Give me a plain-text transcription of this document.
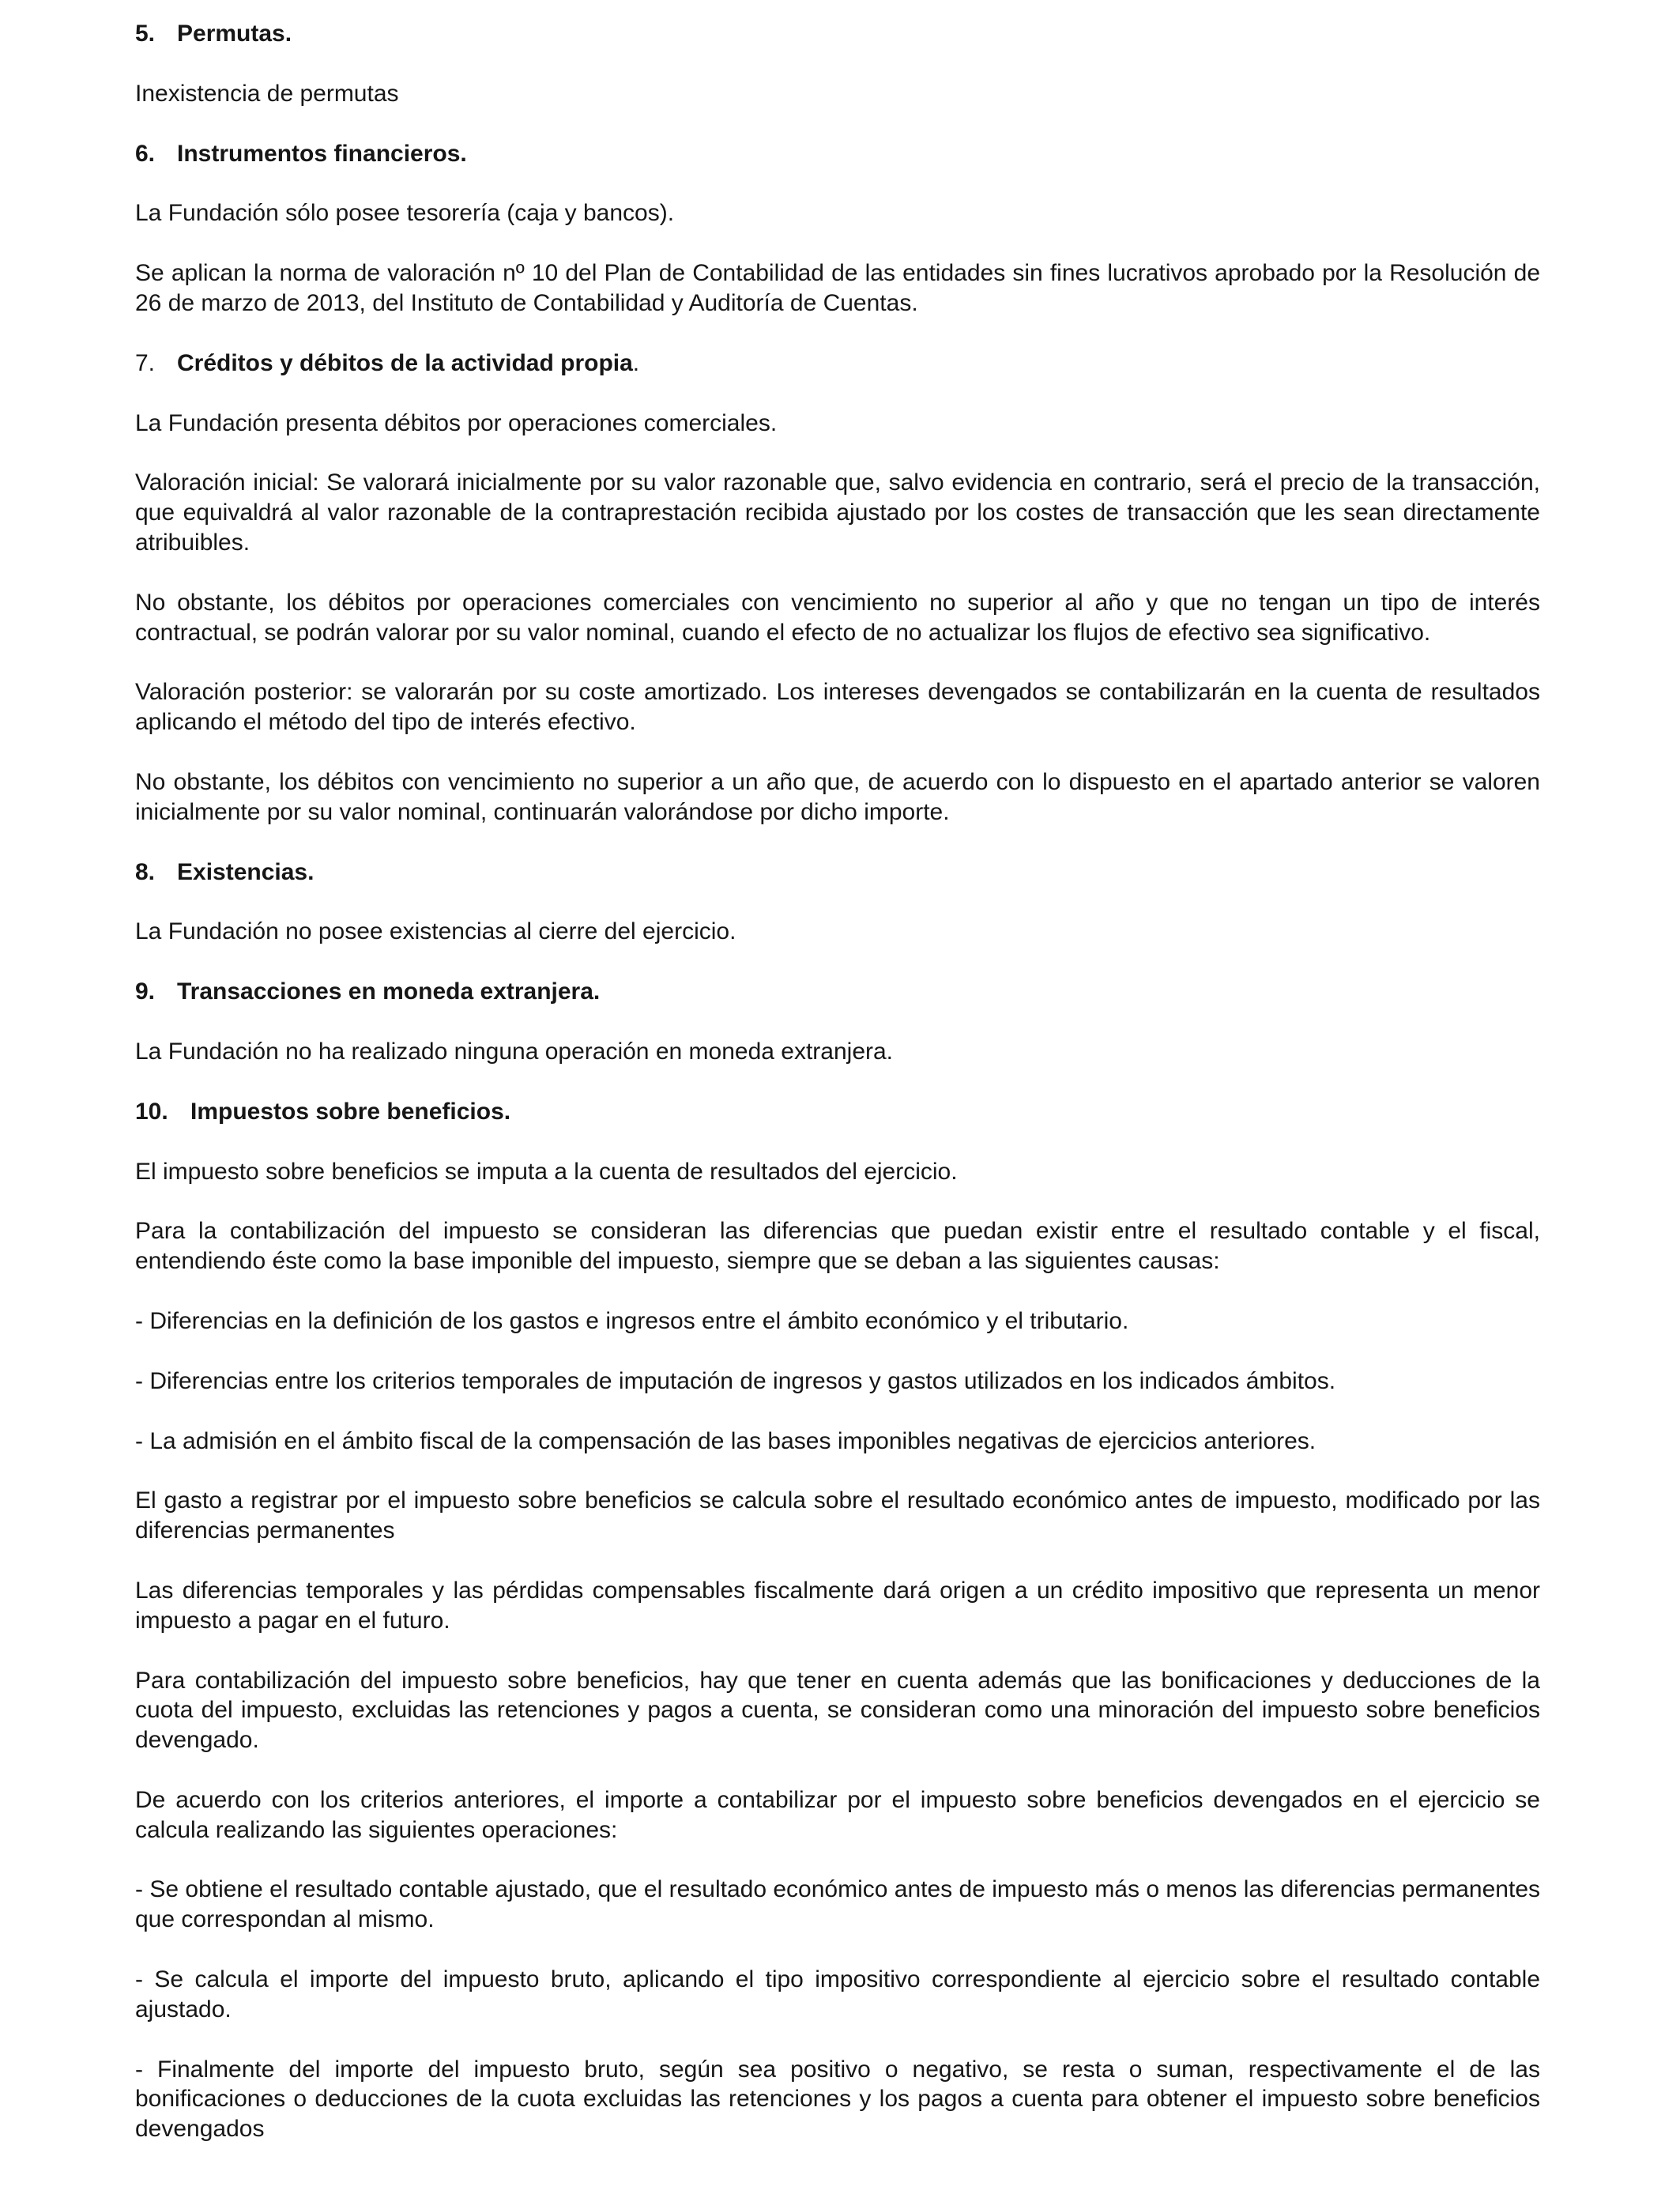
5. Permutas.

Inexistencia de permutas

6. Instrumentos financieros.

La Fundación sólo posee tesorería (caja y bancos).

Se aplican la norma de valoración nº 10 del Plan de Contabilidad de las entidades sin fines lucrativos aprobado por la Resolución de 26 de marzo de 2013, del Instituto de Contabilidad y Auditoría de Cuentas.

7. Créditos y débitos de la actividad propia.

La Fundación presenta débitos por operaciones comerciales.

Valoración inicial: Se valorará inicialmente por su valor razonable que, salvo evidencia en contrario, será el precio de la transacción, que equivaldrá al valor razonable de la contraprestación recibida ajustado por los costes de transacción que les sean directamente atribuibles.

No obstante, los débitos por operaciones comerciales con vencimiento no superior al año y que no tengan un tipo de interés contractual, se podrán valorar por su valor nominal, cuando el efecto de no actualizar los flujos de efectivo sea significativo.

Valoración posterior: se valorarán por su coste amortizado. Los intereses devengados se contabilizarán en la cuenta de resultados aplicando el método del tipo de interés efectivo.

No obstante, los débitos con vencimiento no superior a un año que, de acuerdo con lo dispuesto en el apartado anterior se valoren inicialmente por su valor nominal, continuarán valorándose por dicho importe.

8. Existencias.

La Fundación no posee existencias al cierre del ejercicio.

9. Transacciones en moneda extranjera.

La Fundación no ha realizado ninguna operación en moneda extranjera.

10. Impuestos sobre beneficios.

El impuesto sobre beneficios se imputa a la cuenta de resultados del ejercicio.

Para la contabilización del impuesto se consideran las diferencias que puedan existir entre el resultado contable y el fiscal, entendiendo éste como la base imponible del impuesto, siempre que se deban a las siguientes causas:

- Diferencias en la definición de los gastos e ingresos entre el ámbito económico y el tributario.

- Diferencias entre los criterios temporales de imputación de ingresos y gastos utilizados en los indicados ámbitos.

- La admisión en el ámbito fiscal de la compensación de las bases imponibles negativas de ejercicios anteriores.

El gasto a registrar por el impuesto sobre beneficios se calcula sobre el resultado económico antes de impuesto, modificado por las diferencias permanentes

Las diferencias temporales y las pérdidas compensables fiscalmente dará origen a un crédito impositivo que representa un menor impuesto a pagar en el futuro.

Para contabilización del impuesto sobre beneficios, hay que tener en cuenta además que las bonificaciones y deducciones de la cuota del impuesto, excluidas las retenciones y pagos a cuenta, se consideran como una minoración del impuesto sobre beneficios devengado.

De acuerdo con los criterios anteriores, el importe a contabilizar por el impuesto sobre beneficios devengados en el ejercicio se calcula realizando las siguientes operaciones:

- Se obtiene el resultado contable ajustado, que el resultado económico antes de impuesto más o menos las diferencias permanentes que correspondan al mismo.

- Se calcula el importe del impuesto bruto, aplicando el tipo impositivo correspondiente al ejercicio sobre el resultado contable ajustado.

- Finalmente del importe del impuesto bruto, según sea positivo o negativo, se resta o suman, respectivamente el de las bonificaciones o deducciones de la cuota excluidas las retenciones y los pagos a cuenta para obtener el impuesto sobre beneficios devengados
